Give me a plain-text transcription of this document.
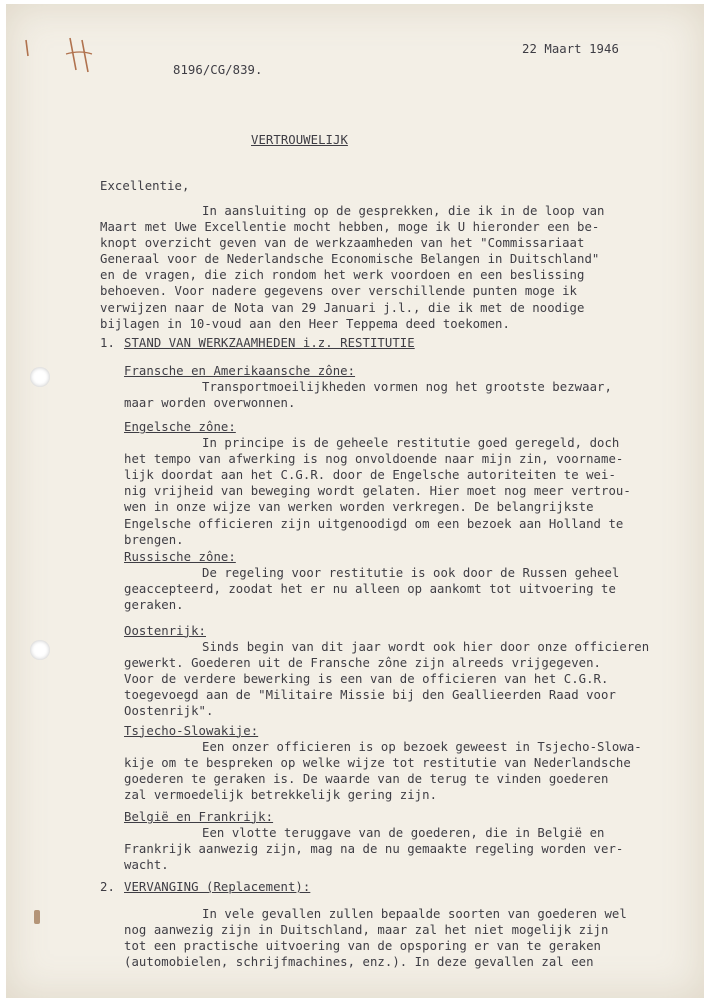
22 Maart 1946
8196/CG/839.
VERTROUWELIJK
Excellentie,
In aansluiting op de gesprekken, die ik in de loop van
Maart met Uwe Excellentie mocht hebben, moge ik U hieronder een be-
knopt overzicht geven van de werkzaamheden van het "Commissariaat
Generaal voor de Nederlandsche Economische Belangen in Duitschland"
en de vragen, die zich rondom het werk voordoen en een beslissing
behoeven. Voor nadere gegevens over verschillende punten moge ik
verwijzen naar de Nota van 29 Januari j.l., die ik met de noodige
bijlagen in 10-voud aan den Heer Teppema deed toekomen.
1. STAND VAN WERKZAAMHEDEN i.z. RESTITUTIE
Fransche en Amerikaansche zône:
Transportmoeilijkheden vormen nog het grootste bezwaar,
maar worden overwonnen.
Engelsche zône:
In principe is de geheele restitutie goed geregeld, doch
het tempo van afwerking is nog onvoldoende naar mijn zin, voorname-
lijk doordat aan het C.G.R. door de Engelsche autoriteiten te wei-
nig vrijheid van beweging wordt gelaten. Hier moet nog meer vertrou-
wen in onze wijze van werken worden verkregen. De belangrijkste
Engelsche officieren zijn uitgenoodigd om een bezoek aan Holland te
brengen.
Russische zône:
De regeling voor restitutie is ook door de Russen geheel
geaccepteerd, zoodat het er nu alleen op aankomt tot uitvoering te
geraken.
Oostenrijk:
Sinds begin van dit jaar wordt ook hier door onze officieren
gewerkt. Goederen uit de Fransche zône zijn alreeds vrijgegeven.
Voor de verdere bewerking is een van de officieren van het C.G.R.
toegevoegd aan de "Militaire Missie bij den Geallieerden Raad voor
Oostenrijk".
Tsjecho-Slowakije:
Een onzer officieren is op bezoek geweest in Tsjecho-Slowa-
kije om te bespreken op welke wijze tot restitutie van Nederlandsche
goederen te geraken is. De waarde van de terug te vinden goederen
zal vermoedelijk betrekkelijk gering zijn.
België en Frankrijk:
Een vlotte teruggave van de goederen, die in België en
Frankrijk aanwezig zijn, mag na de nu gemaakte regeling worden ver-
wacht.
2. VERVANGING (Replacement):
In vele gevallen zullen bepaalde soorten van goederen wel
nog aanwezig zijn in Duitschland, maar zal het niet mogelijk zijn
tot een practische uitvoering van de opsporing er van te geraken
(automobielen, schrijfmachines, enz.). In deze gevallen zal een
